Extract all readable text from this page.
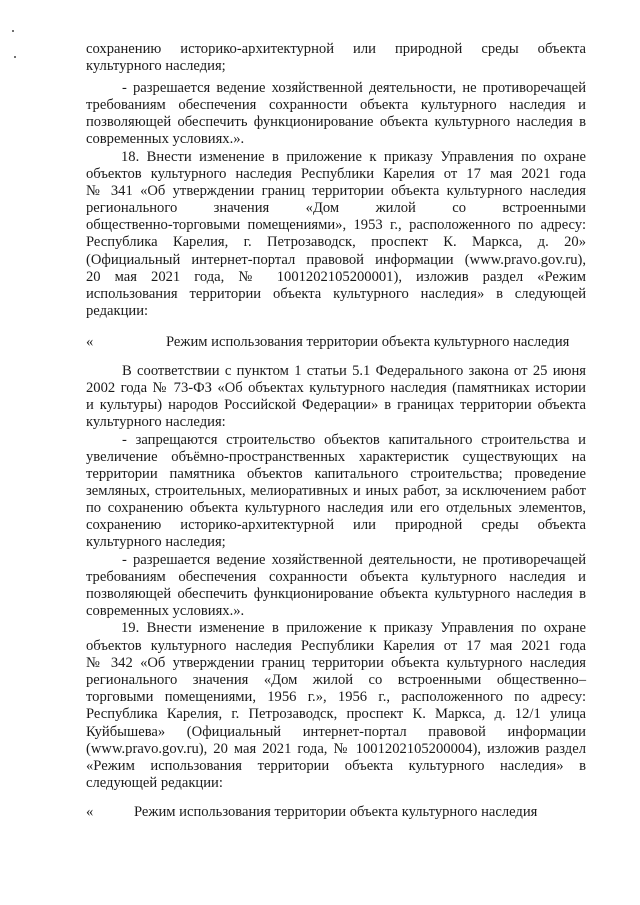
сохранению историко-архитектурной или природной среды объекта
культурного наследия;
- разрешается ведение хозяйственной деятельности, не противоречащей
требованиям обеспечения сохранности объекта культурного наследия и
позволяющей обеспечить функционирование объекта культурного наследия в
современных условиях.».
18. Внести изменение в приложение к приказу Управления по охране
объектов культурного наследия Республики Карелия от 17 мая 2021 года
№ 341 «Об утверждении границ территории объекта культурного наследия
регионального значения «Дом жилой со встроенными
общественно-торговыми помещениями», 1953 г., расположенного по адресу:
Республика Карелия, г. Петрозаводск, проспект К. Маркса, д. 20»
(Официальный интернет-портал правовой информации (www.pravo.gov.ru),
20 мая 2021 года, № 1001202105200001), изложив раздел «Режим
использования территории объекта культурного наследия» в следующей
редакции:
«	Режим использования территории объекта культурного наследия
В соответствии с пунктом 1 статьи 5.1 Федерального закона от 25 июня
2002 года № 73-ФЗ «Об объектах культурного наследия (памятниках истории
и культуры) народов Российской Федерации» в границах территории объекта
культурного наследия:
- запрещаются строительство объектов капитального строительства и
увеличение объёмно-пространственных характеристик существующих на
территории памятника объектов капитального строительства; проведение
земляных, строительных, мелиоративных и иных работ, за исключением работ
по сохранению объекта культурного наследия или его отдельных элементов,
сохранению историко-архитектурной или природной среды объекта
культурного наследия;
- разрешается ведение хозяйственной деятельности, не противоречащей
требованиям обеспечения сохранности объекта культурного наследия и
позволяющей обеспечить функционирование объекта культурного наследия в
современных условиях.».
19. Внести изменение в приложение к приказу Управления по охране
объектов культурного наследия Республики Карелия от 17 мая 2021 года
№ 342 «Об утверждении границ территории объекта культурного наследия
регионального значения «Дом жилой со встроенными общественно–
торговыми помещениями, 1956 г.», 1956 г., расположенного по адресу:
Республика Карелия, г. Петрозаводск, проспект К. Маркса, д. 12/1 улица
Куйбышева» (Официальный интернет-портал правовой информации
(www.pravo.gov.ru), 20 мая 2021 года, № 1001202105200004), изложив раздел
«Режим использования территории объекта культурного наследия» в
следующей редакции:
«	Режим использования территории объекта культурного наследия
